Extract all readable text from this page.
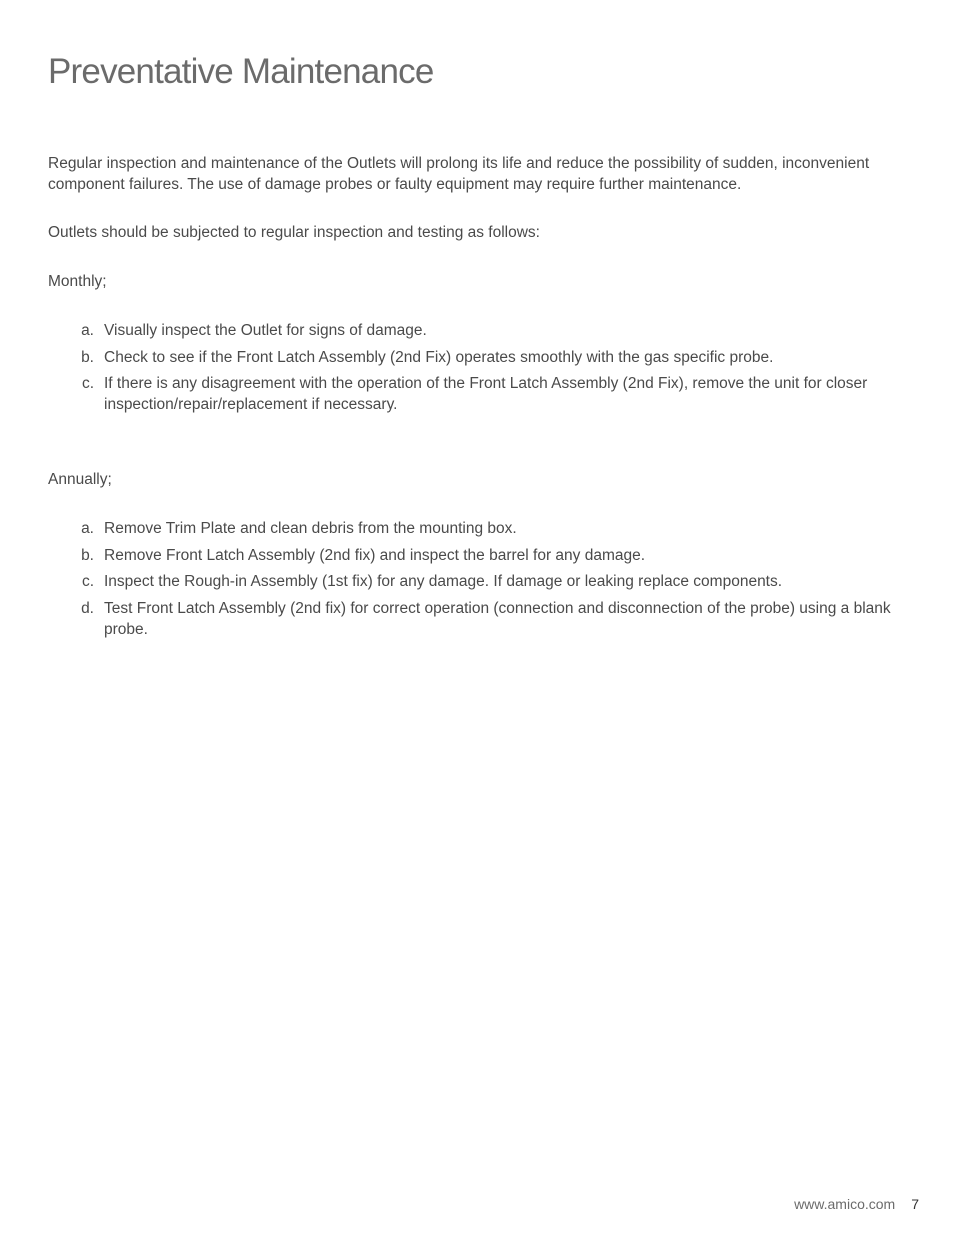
Preventative Maintenance

Regular inspection and maintenance of the Outlets will prolong its life and reduce the possibility of sudden, inconvenient component failures. The use of damage probes or faulty equipment may require further maintenance.

Outlets should be subjected to regular inspection and testing as follows:

Monthly;

a. Visually inspect the Outlet for signs of damage.
b. Check to see if the Front Latch Assembly (2nd Fix) operates smoothly with the gas specific probe.
c. If there is any disagreement with the operation of the Front Latch Assembly (2nd Fix), remove the unit for closer inspection/repair/replacement if necessary.

Annually;

a. Remove Trim Plate and clean debris from the mounting box.
b. Remove Front Latch Assembly (2nd fix) and inspect the barrel for any damage.
c. Inspect the Rough-in Assembly (1st fix) for any damage. If damage or leaking replace components.
d. Test Front Latch Assembly (2nd fix) for correct operation (connection and disconnection of the probe) using a blank probe.
www.amico.com 7
